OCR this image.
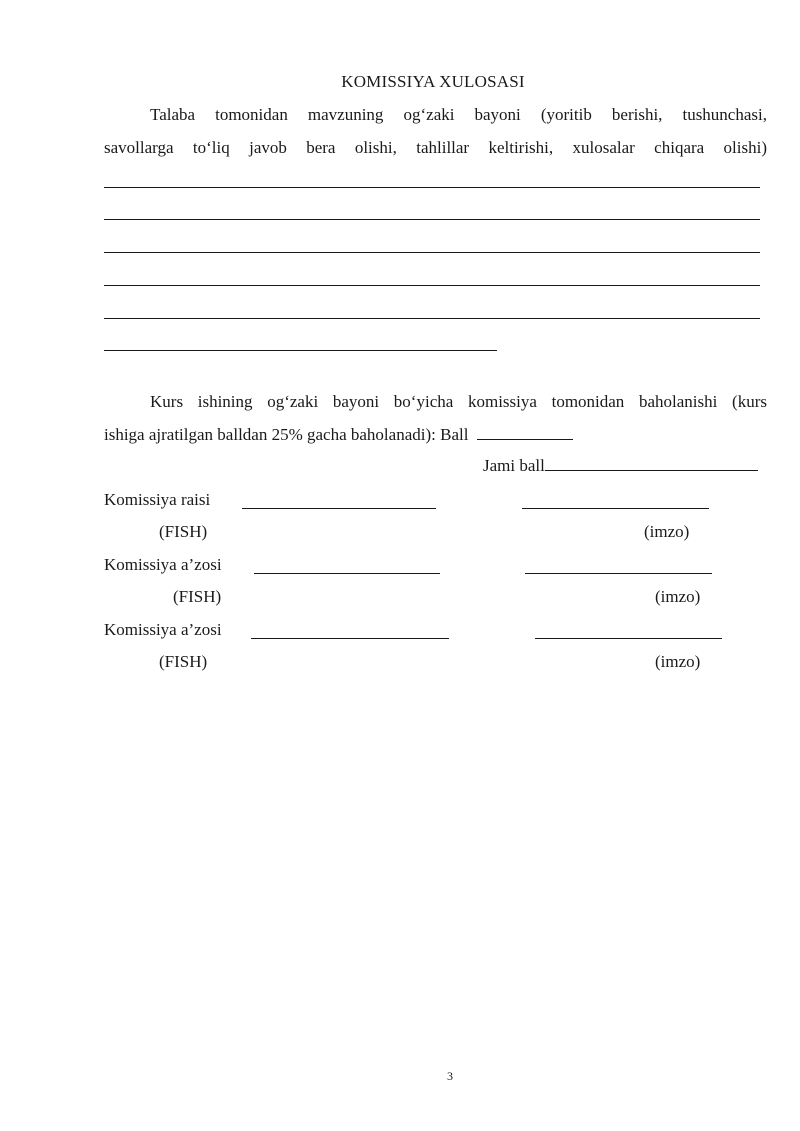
KOMISSIYA XULOSASI
Talaba tomonidan mavzuning og‘zaki bayoni (yoritib berishi, tushunchasi,
savollarga to‘liq javob bera olishi, tahlillar keltirishi, xulosalar chiqara olishi)
Kurs ishining og‘zaki bayoni bo‘yicha komissiya tomonidan baholanishi (kurs
ishiga ajratilgan balldan 25% gacha baholanadi): Ball
Jami ball
Komissiya raisi
(FISH)	(imzo)
Komissiya a’zosi
(FISH)	(imzo)
Komissiya a’zosi
(FISH)	(imzo)
3
